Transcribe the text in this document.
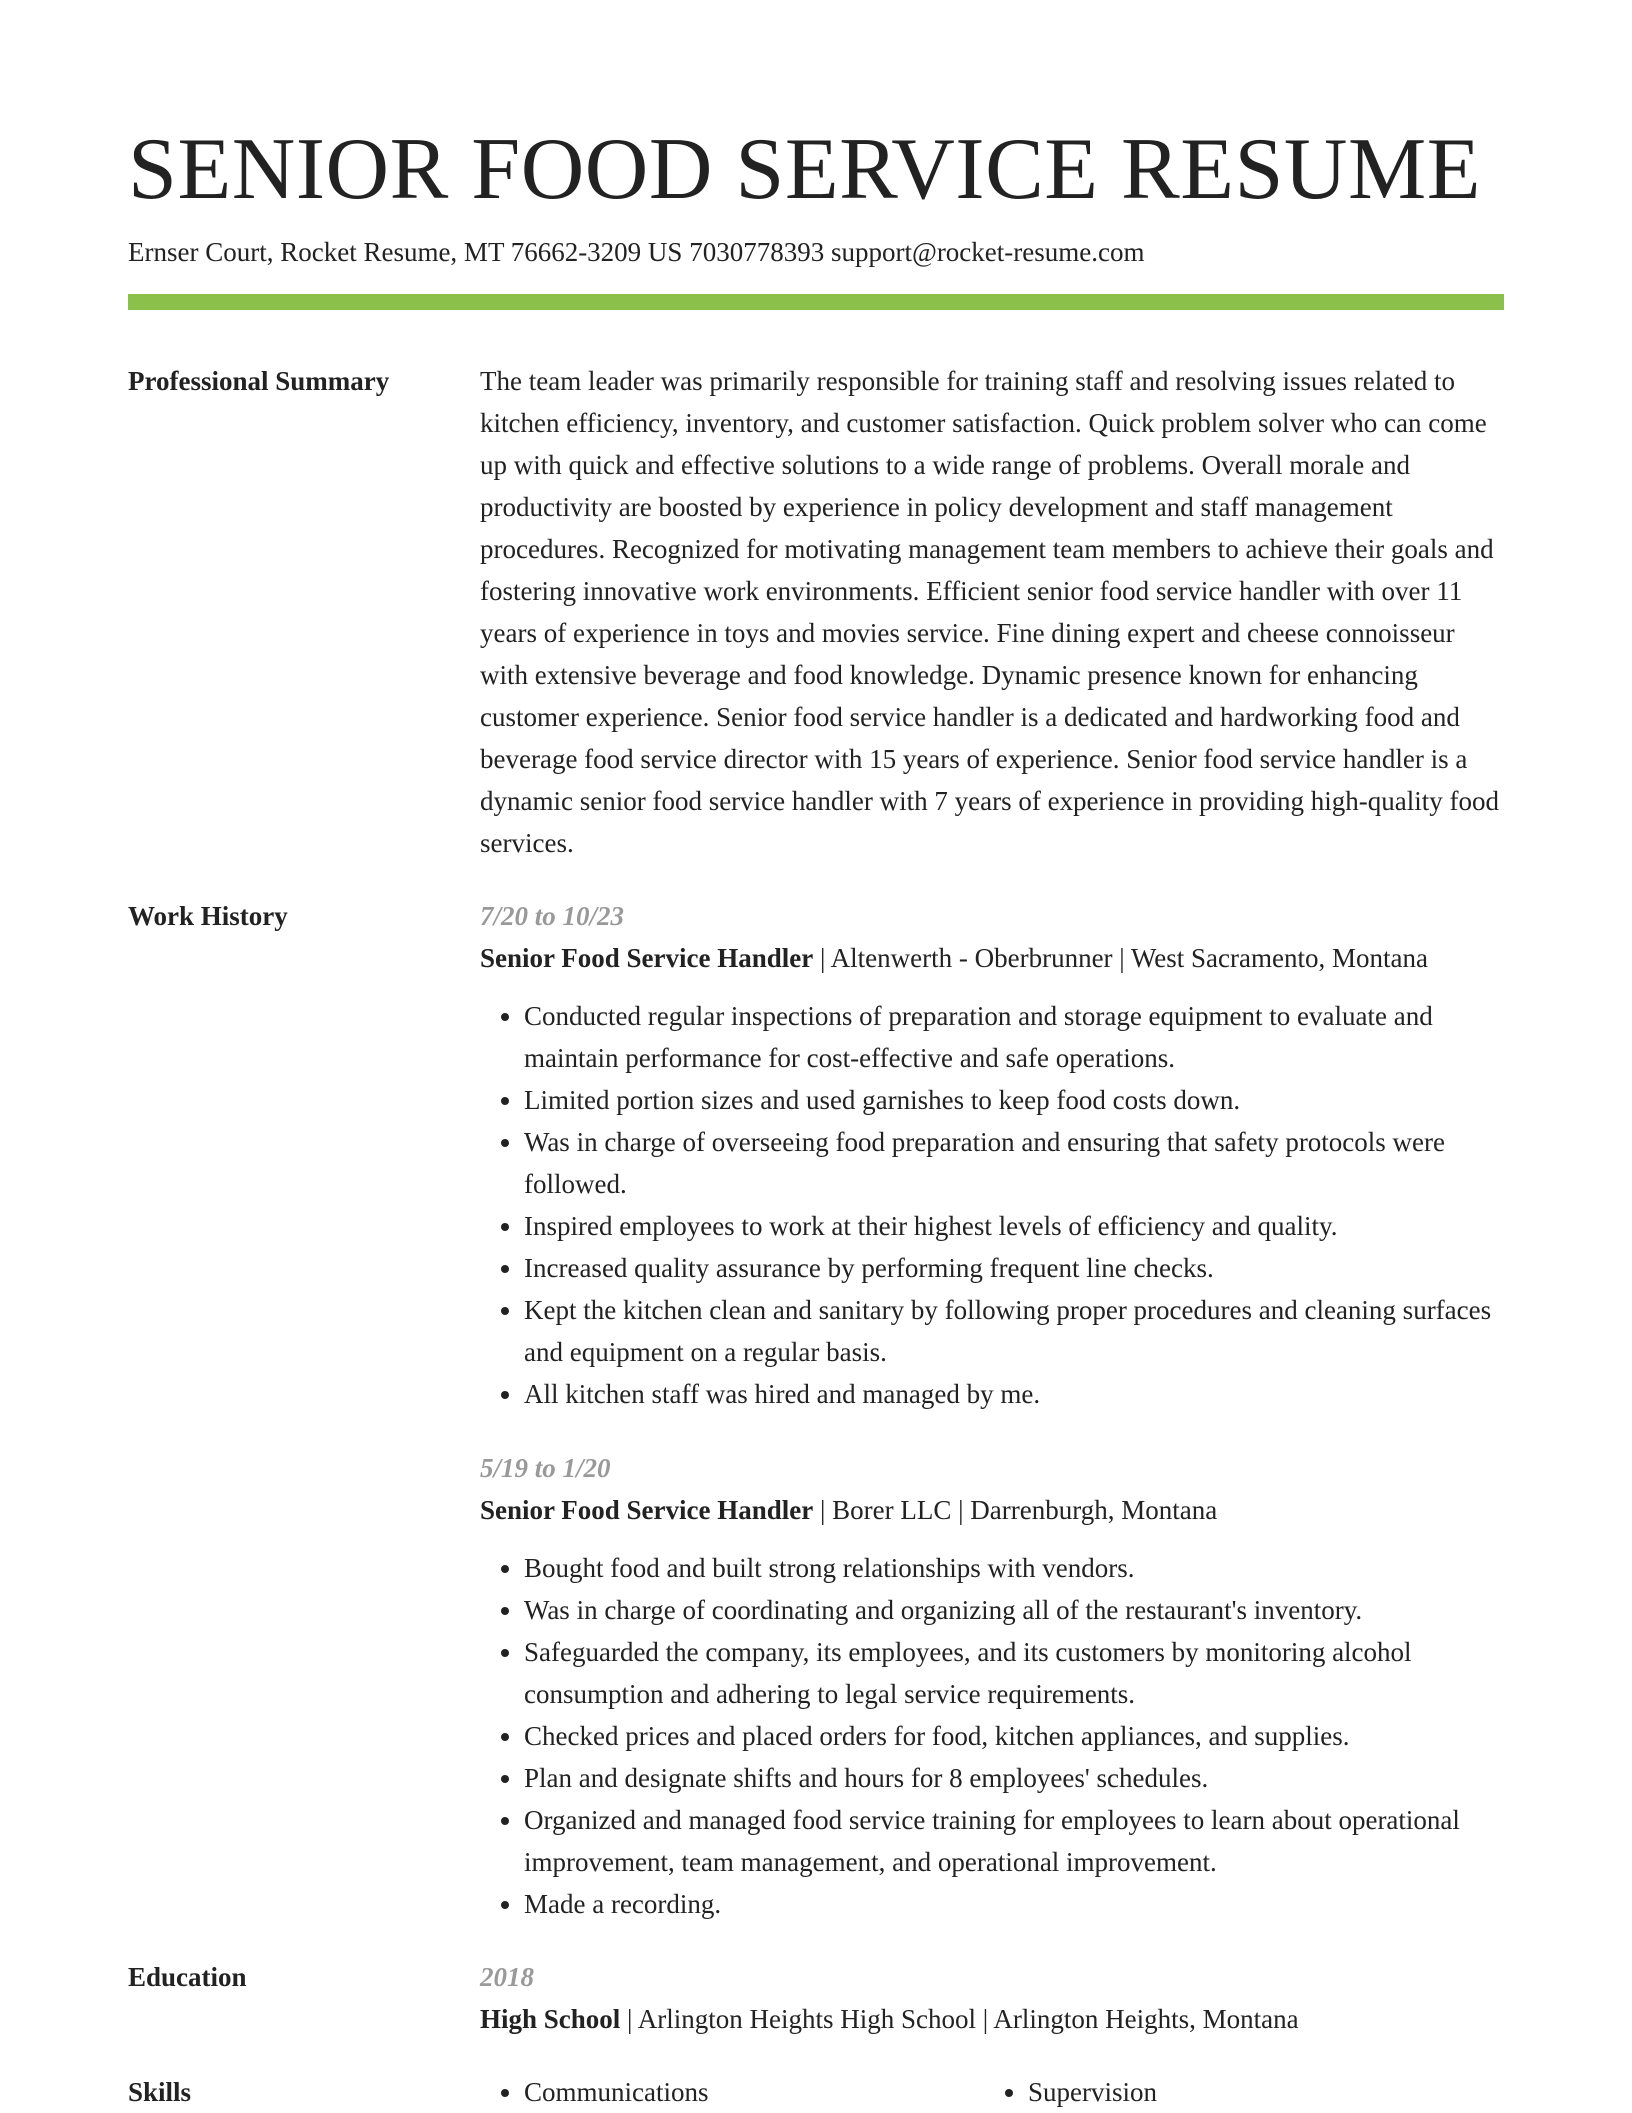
SENIOR FOOD SERVICE RESUME
Ernser Court, Rocket Resume, MT 76662-3209 US 7030778393 support@rocket-resume.com
Professional Summary	The team leader was primarily responsible for training staff and resolving issues related to kitchen efficiency, inventory, and customer satisfaction. Quick problem solver who can come up with quick and effective solutions to a wide range of problems. Overall morale and productivity are boosted by experience in policy development and staff management procedures. Recognized for motivating management team members to achieve their goals and fostering innovative work environments. Efficient senior food service handler with over 11 years of experience in toys and movies service. Fine dining expert and cheese connoisseur with extensive beverage and food knowledge. Dynamic presence known for enhancing customer experience. Senior food service handler is a dedicated and hardworking food and beverage food service director with 15 years of experience. Senior food service handler is a dynamic senior food service handler with 7 years of experience in providing high-quality food services.

Work History	7/20 to 10/23
Senior Food Service Handler | Altenwerth - Oberbrunner | West Sacramento, Montana
• Conducted regular inspections of preparation and storage equipment to evaluate and maintain performance for cost-effective and safe operations.
• Limited portion sizes and used garnishes to keep food costs down.
• Was in charge of overseeing food preparation and ensuring that safety protocols were followed.
• Inspired employees to work at their highest levels of efficiency and quality.
• Increased quality assurance by performing frequent line checks.
• Kept the kitchen clean and sanitary by following proper procedures and cleaning surfaces and equipment on a regular basis.
• All kitchen staff was hired and managed by me.
5/19 to 1/20
Senior Food Service Handler | Borer LLC | Darrenburgh, Montana
• Bought food and built strong relationships with vendors.
• Was in charge of coordinating and organizing all of the restaurant's inventory.
• Safeguarded the company, its employees, and its customers by monitoring alcohol consumption and adhering to legal service requirements.
• Checked prices and placed orders for food, kitchen appliances, and supplies.
• Plan and designate shifts and hours for 8 employees' schedules.
• Organized and managed food service training for employees to learn about operational improvement, team management, and operational improvement.
• Made a recording.
Education	2018
High School | Arlington Heights High School | Arlington Heights, Montana
Skills	• Communications	• Supervision
